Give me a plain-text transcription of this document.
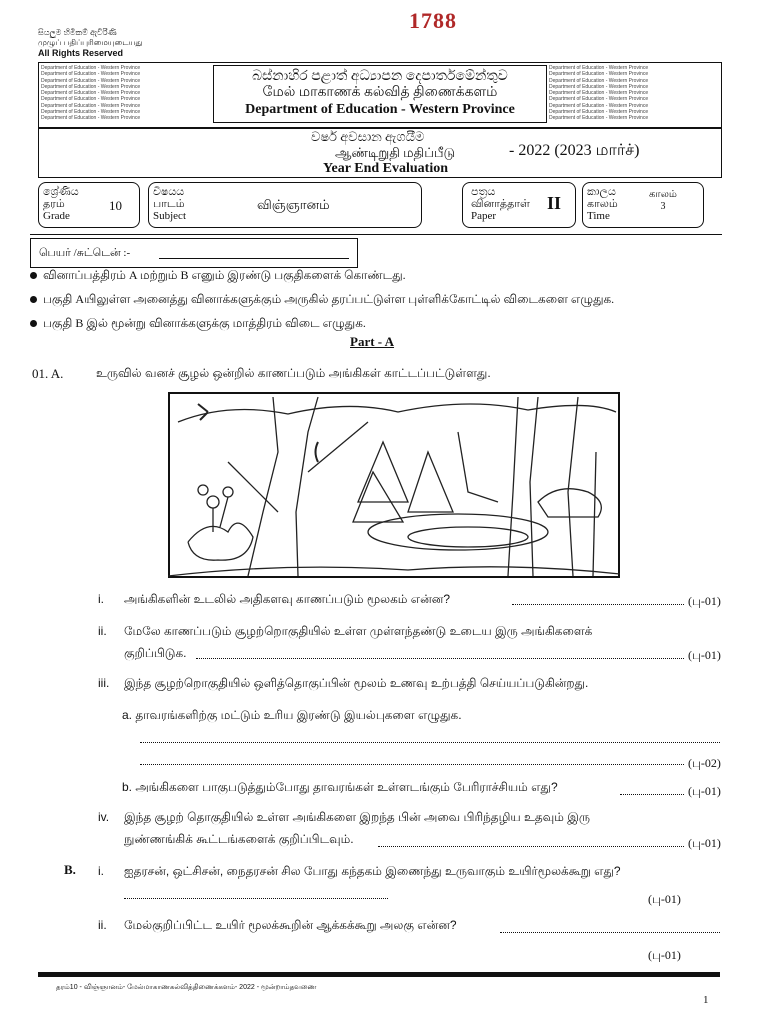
1788
සියලුම හිමිකම් ඇවිරිණි
முழுப் பதிப்புரிமையுடையது
All Rights Reserved
Department of Education - Western Province
Department of Education - Western Province
Department of Education - Western Province
Department of Education - Western Province
Department of Education - Western Province
Department of Education - Western Province
Department of Education - Western Province
Department of Education - Western Province
Department of Education - Western Province
Department of Education - Western Province
Department of Education - Western Province
Department of Education - Western Province
Department of Education - Western Province
Department of Education - Western Province
Department of Education - Western Province
Department of Education - Western Province
Department of Education - Western Province
Department of Education - Western Province
බස්නාහිර පළාත් අධ්‍යාපන දෙපාර්තමේන්තුව
மேல் மாகாணக் கல்வித் திணைக்களம்
Department of Education - Western Province
වර්ෂ අවසාන ඇගයීම
ஆண்டிறுதி மதிப்பீடு
Year End Evaluation
- 2022 (2023 மார்ச்)
ශ්‍රේණිය
தரம்
Grade
10
විෂයය
பாடம்
Subject
விஞ்ஞானம்
පත්‍රය
வினாத்தாள்
Paper
II
කාලය
காலம்
Time
காலம்
3
பெயர் /சுட்டென் :-
வினாப்பத்திரம் A மற்றும் B எனும் இரண்டு பகுதிகளைக் கொண்டது.
பகுதி Aயிலுள்ள அனைத்து வினாக்களுக்கும் அருகில் தரப்பட்டுள்ள புள்ளிக்கோட்டில் விடைகளை எழுதுக.
பகுதி B இல் மூன்று வினாக்களுக்கு மாத்திரம் விடை எழுதுக.
Part - A
01. A.	உருவில் வனச் சூழல் ஒன்றில் காணப்படும் அங்கிகள் காட்டப்பட்டுள்ளது.
i. அங்கிகளின் உடலில் அதிகளவு காணப்படும் மூலகம் என்ன?	(பு-01)
ii. மேலே காணப்படும் சூழற்றொகுதியில் உள்ள முள்ளந்தண்டு உடைய இரு அங்கிகளைக்
குறிப்பிடுக.	(பு-01)
iii. இந்த சூழற்றொகுதியில் ஒளித்தொகுப்பின் மூலம் உணவு உற்பத்தி செய்யப்படுகின்றது.
a. தாவரங்களிற்கு மட்டும் உரிய இரண்டு இயல்புகளை எழுதுக.
(பு-02)
b. அங்கிகளை பாகுபடுத்தும்போது தாவரங்கள் உள்ளடங்கும் பேரிராச்சியம் எது?	(பு-01)
iv. இந்த சூழற் தொகுதியில் உள்ள அங்கிகளை இறந்த பின் அவை பிரிந்தழிய உதவும் இரு
நுண்ணங்கிக் கூட்டங்களைக் குறிப்பிடவும்.	(பு-01)
B. i. ஐதரசன், ஒட்சிசன், நைதரசன் சில போது கந்தகம் இணைந்து உருவாகும் உயிர்மூலக்கூறு எது?
(பு-01)
ii. மேல்குறிப்பிட்ட உயிர் மூலக்கூறின் ஆக்கக்கூறு அலகு என்ன?
(பு-01)
தரம்10 - விஞ்ஞானம்- மேல்மாகாணகல்வித்திணைக்களம்- 2022 - மூன்றாம்தவணை
1
